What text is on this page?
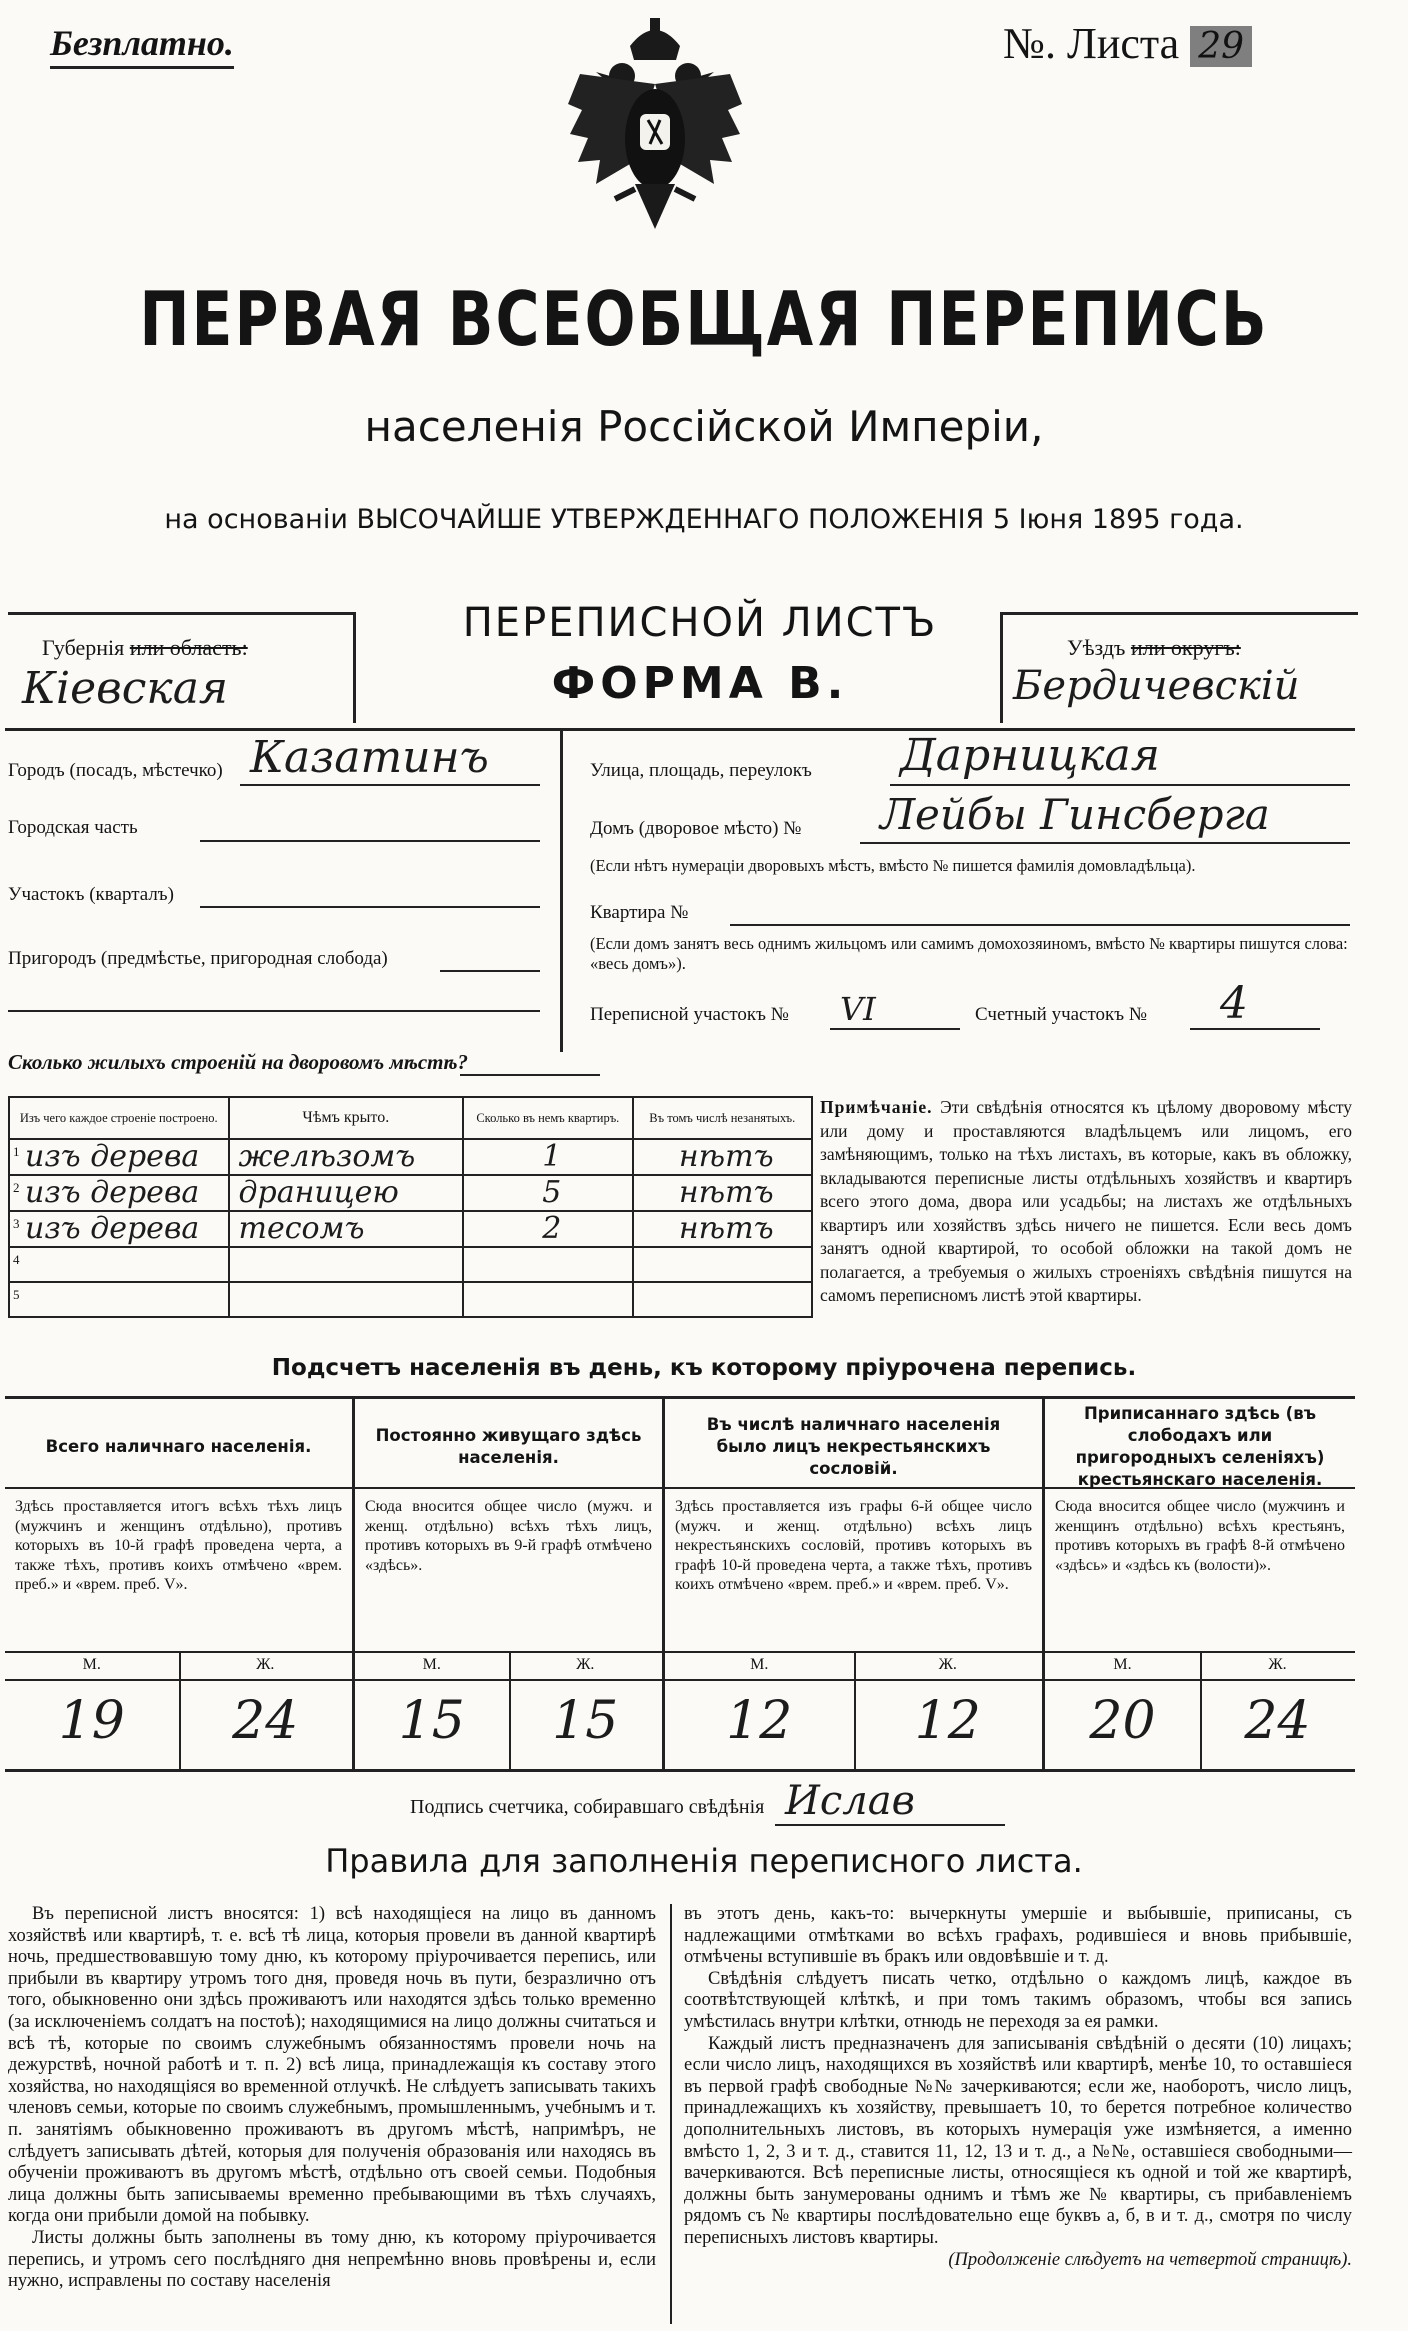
Безплатно.	№. Листа 29
ПЕРВАЯ ВСЕОБЩАЯ ПЕРЕПИСЬ
населенія Россійской Имперіи,
на основаніи ВЫСОЧАЙШЕ УТВЕРЖДЕННАГО ПОЛОЖЕНІЯ 5 Іюня 1895 года.
Губернія или область:
Кіевская
ПЕРЕПИСНОЙ ЛИСТЪ
ФОРМА В.
Уѣздъ или округъ:
Бердичевскій
Городъ (посадъ, мѣстечко) Казатинъ
Городская часть
Участокъ (кварталъ)
Пригородъ (предмѣстье, пригородная слобода)
Улица, площадь, переулокъ Дарницкая
Домъ (дворовое мѣсто) № Лейбы Гинсберга
(Если нѣтъ нумераціи дворовыхъ мѣстъ, вмѣсто № пишется фамилія домовладѣльца).
Квартира №
(Если домъ занятъ весь однимъ жильцомъ или самимъ домохозяиномъ, вмѣсто № квартиры пишутся слова: «весь домъ»).
Переписной участокъ № VI	Счетный участокъ № 4
Сколько жилыхъ строеній на дворовомъ мѣстѣ?
Изъ чего каждое строеніе построено.	Чѣмъ крыто.	Сколько въ немъ квартиръ.	Въ томъ числѣ незанятыхъ.

1 изъ дерева	желѣзомъ	1	нѣтъ

2 изъ дерева	драницею	5	нѣтъ

3 изъ дерева	тесомъ	2	нѣтъ

4			

5			

Примѣчаніе. Эти свѣдѣнія относятся къ цѣлому дворовому мѣсту или дому и проставляются владѣльцемъ или лицомъ, его замѣняющимъ, только на тѣхъ листахъ, въ которые, какъ въ обложку, вкладываются переписные листы отдѣльныхъ хозяйствъ и квартиръ всего этого дома, двора или усадьбы; на листахъ же отдѣльныхъ квартиръ или хозяйствъ здѣсь ничего не пишется. Если весь домъ занятъ одной квартирой, то особой обложки на такой домъ не полагается, а требуемыя о жилыхъ строеніяхъ свѣдѣнія пишутся на самомъ переписномъ листѣ этой квартиры.
Подсчетъ населенія въ день, къ которому пріурочена перепись.
Всего наличнаго населенія.
Здѣсь проставляется итогъ всѣхъ тѣхъ лицъ (мужчинъ и женщинъ отдѣльно), противъ которыхъ въ 10-й графѣ проведена черта, а также тѣхъ, противъ коихъ отмѣчено «врем. преб.» и «врем. преб. V».
М.	Ж.
19	24
Постоянно живущаго здѣсь населенія.
Сюда вносится общее число (мужч. и женщ. отдѣльно) всѣхъ тѣхъ лицъ, противъ которыхъ въ 9-й графѣ отмѣчено «здѣсь».
М.	Ж.
15	15
Въ числѣ наличнаго населенія было лицъ некрестьянскихъ сословій.
Здѣсь проставляется изъ графы 6-й общее число (мужч. и женщ. отдѣльно) всѣхъ лицъ некрестьянскихъ сословій, противъ которыхъ въ графѣ 10-й проведена черта, а также тѣхъ, противъ коихъ отмѣчено «врем. преб.» и «врем. преб. V».
М.	Ж.
12	12
Приписаннаго здѣсь (въ слободахъ или пригородныхъ селеніяхъ) крестьянскаго населенія.
Сюда вносится общее число (мужчинъ и женщинъ отдѣльно) всѣхъ крестьянъ, противъ которыхъ въ графѣ 8-й отмѣчено «здѣсь» и «здѣсь къ (волости)».
М.	Ж.
20	24
Подпись счетчика, собиравшаго свѣдѣнія Ислав
Правила для заполненія переписного листа.

Въ переписной листъ вносятся: 1) всѣ находящіеся на лицо въ данномъ хозяйствѣ или квартирѣ, т. е. всѣ тѣ лица, которыя провели въ данной квартирѣ ночь, предшествовавшую тому дню, къ которому пріурочивается перепись, или прибыли въ квартиру утромъ того дня, проведя ночь въ пути, безразлично отъ того, обыкновенно они здѣсь проживаютъ или находятся здѣсь только временно (за исключеніемъ солдатъ на постоѣ); находящимися на лицо должны считаться и всѣ тѣ, которые по своимъ служебнымъ обязанностямъ провели ночь на дежурствѣ, ночной работѣ и т. п. 2) всѣ лица, принадлежащія къ составу этого хозяйства, но находящіяся во временной отлучкѣ. Не слѣдуетъ записывать такихъ членовъ семьи, которые по своимъ служебнымъ, промышленнымъ, учебнымъ и т. п. занятіямъ обыкновенно проживаютъ въ другомъ мѣстѣ, напримѣръ, не слѣдуетъ записывать дѣтей, которыя для полученія образованія или находясь въ обученіи проживаютъ въ другомъ мѣстѣ, отдѣльно отъ своей семьи. Подобныя лица должны быть записываемы временно пребывающими въ тѣхъ случаяхъ, когда они прибыли домой на побывку.

Листы должны быть заполнены въ тому дню, къ которому пріурочивается перепись, и утромъ сего послѣдняго дня непремѣнно вновь провѣрены и, если нужно, исправлены по составу населенія

въ этотъ день, какъ-то: вычеркнуты умершіе и выбывшіе, приписаны, съ надлежащими отмѣтками во всѣхъ графахъ, родившіеся и вновь прибывшіе, отмѣчены вступившіе въ бракъ или овдовѣвшіе и т. д.

Свѣдѣнія слѣдуетъ писать четко, отдѣльно о каждомъ лицѣ, каждое въ соотвѣтствующей клѣткѣ, и при томъ такимъ образомъ, чтобы вся запись умѣстилась внутри клѣтки, отнюдь не переходя за ея рамки.

Каждый листъ предназначенъ для записыванія свѣдѣній о десяти (10) лицахъ; если число лицъ, находящихся въ хозяйствѣ или квартирѣ, менѣе 10, то оставшіеся въ первой графѣ свободные №№ зачеркиваются; если же, наоборотъ, число лицъ, принадлежащихъ къ хозяйству, превышаетъ 10, то берется потребное количество дополнительныхъ листовъ, въ которыхъ нумерація уже измѣняется, а именно вмѣсто 1, 2, 3 и т. д., ставится 11, 12, 13 и т. д., а №№, оставшіеся свободными—вачеркиваются. Всѣ переписные листы, относящіеся къ одной и той же квартирѣ, должны быть занумерованы однимъ и тѣмъ же № квартиры, съ прибавленіемъ рядомъ съ № квартиры послѣдовательно еще буквъ а, б, в и т. д., смотря по числу переписныхъ листовъ квартиры.

(Продолженіе слѣдуетъ на четвертой страницѣ).
